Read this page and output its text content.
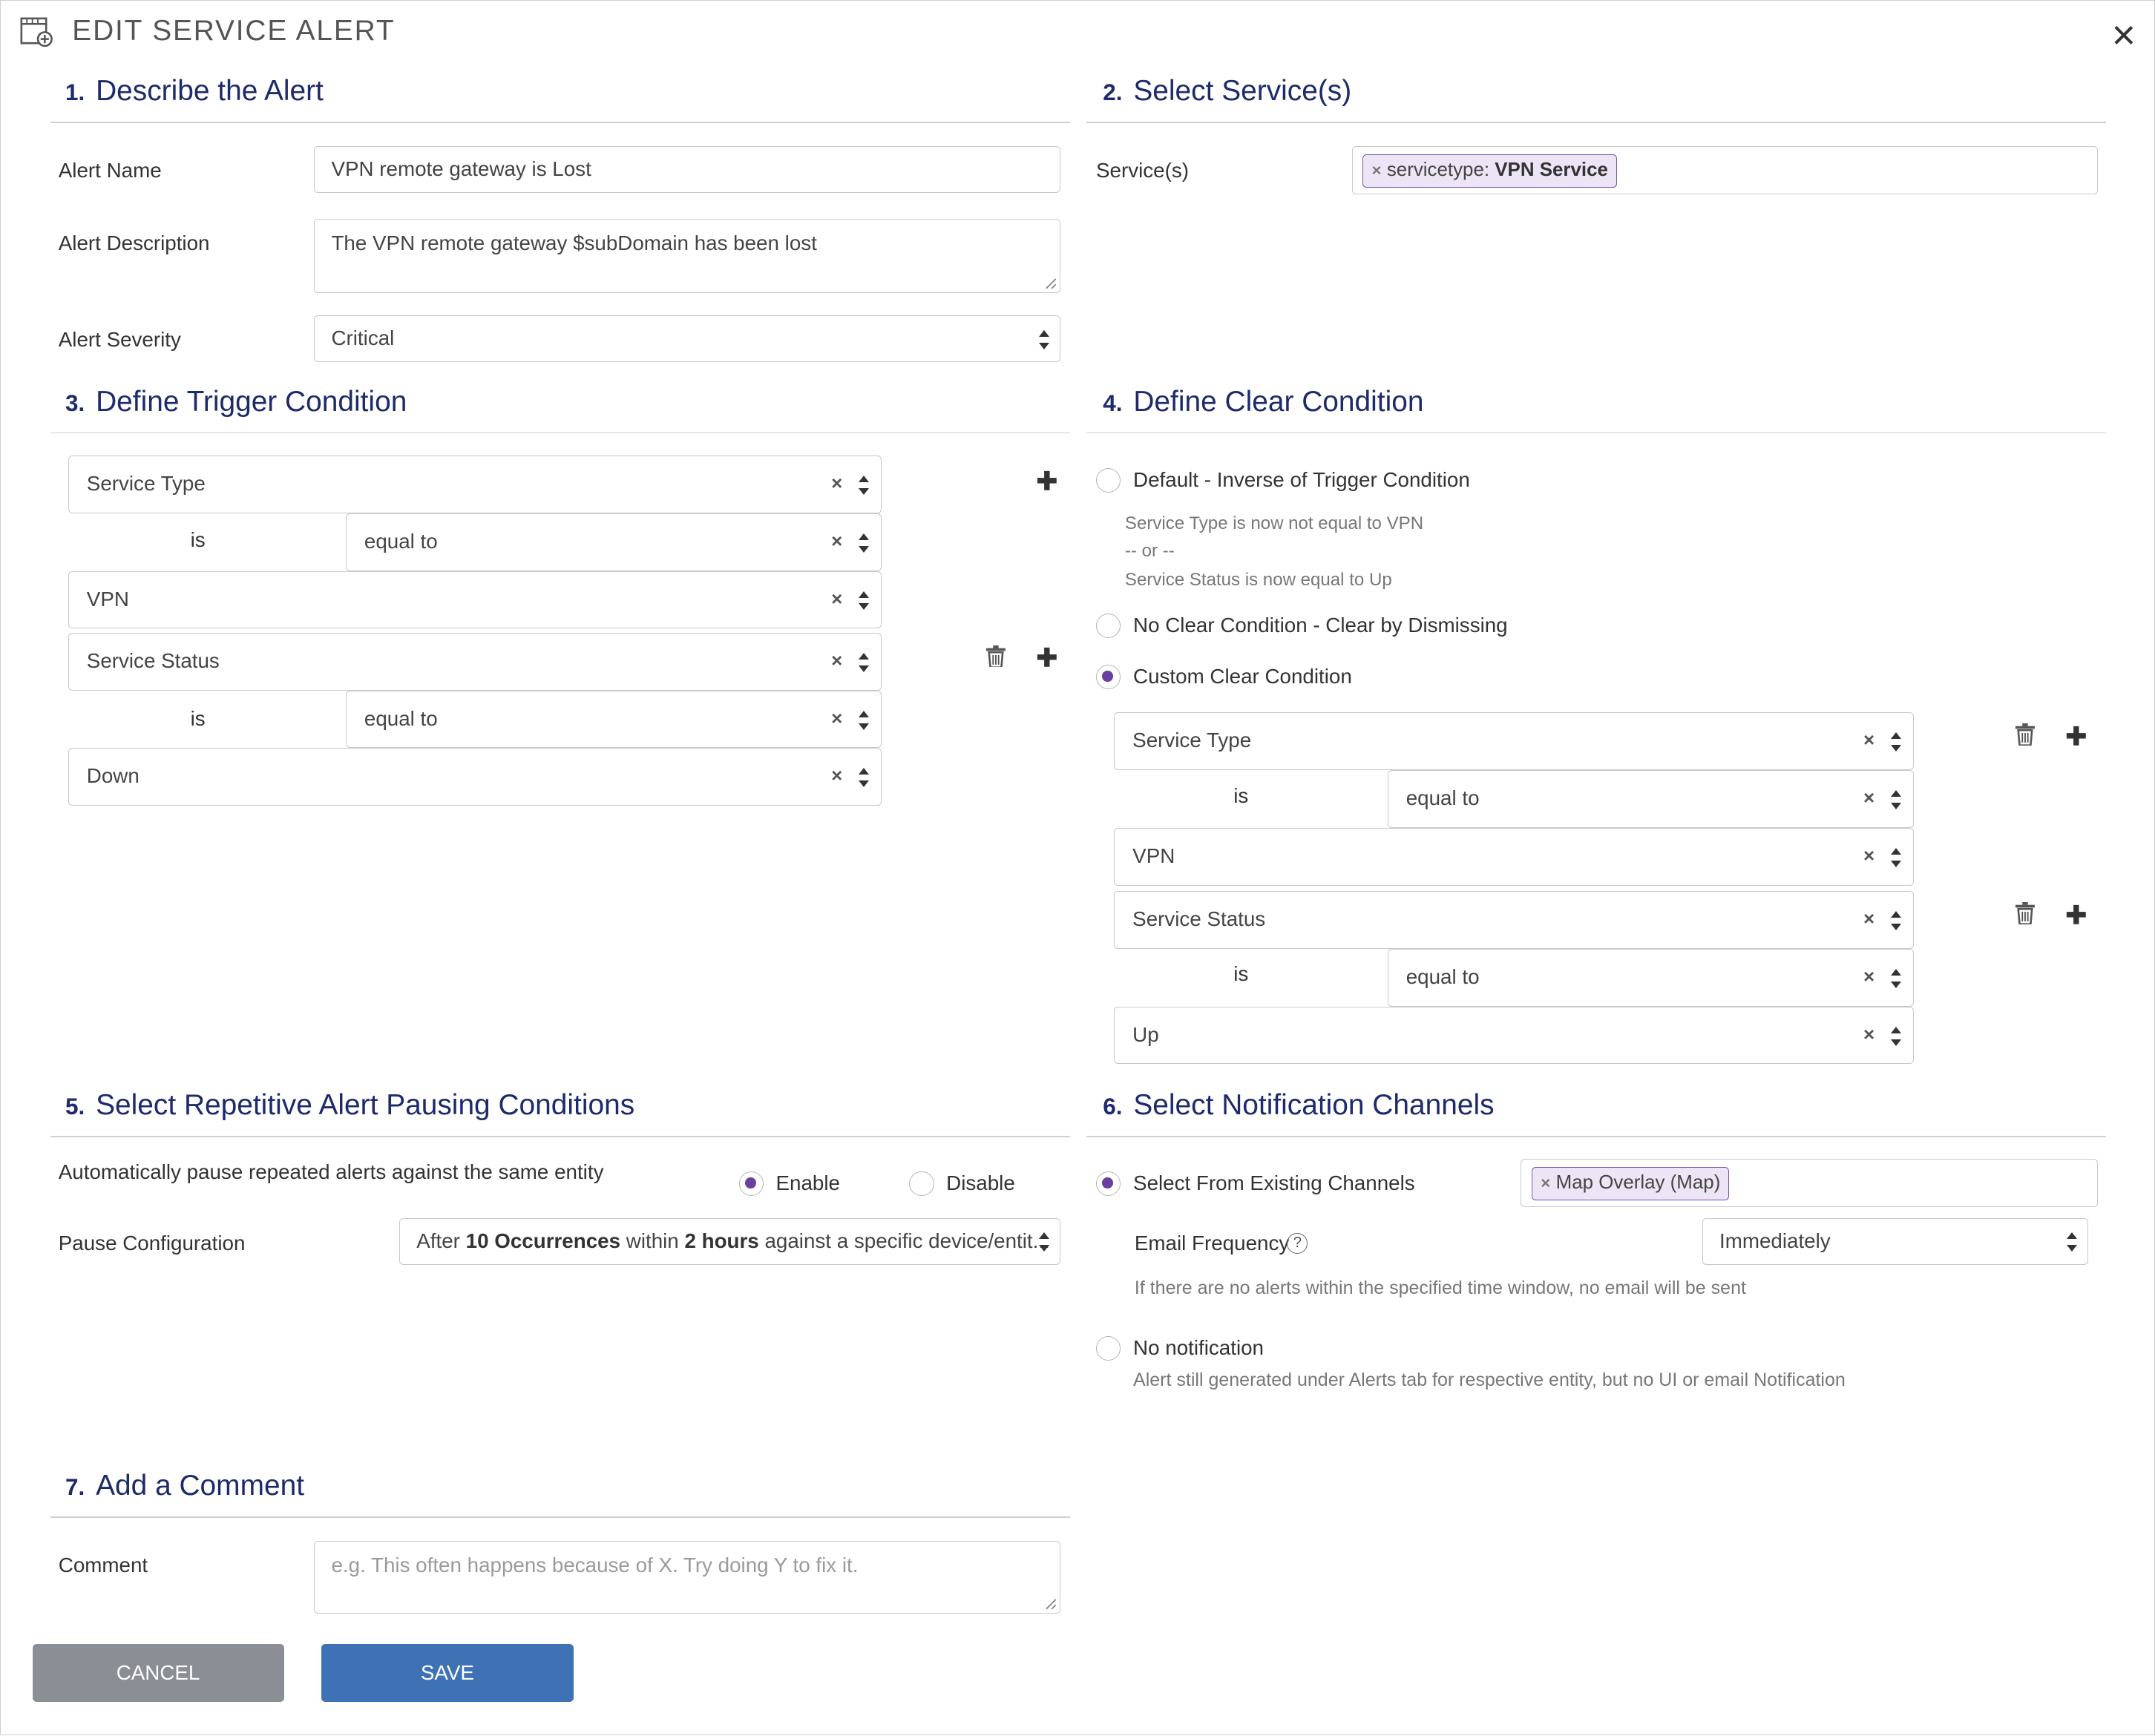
EDIT SERVICE ALERT	×
1. Describe the Alert
Alert Name	VPN remote gateway is Lost
Alert Description	The VPN remote gateway $subDomain has been lost
Alert Severity	Critical
2. Select Service(s)
Service(s)	× servicetype: VPN Service
3. Define Trigger Condition
Service Type	×
is	equal to	×
VPN	×
Service Status	×
is	equal to	×
Down	×
4. Define Clear Condition
Default - Inverse of Trigger Condition
Service Type is now not equal to VPN
-- or --
Service Status is now equal to Up
No Clear Condition - Clear by Dismissing
Custom Clear Condition
Service Type	×
is	equal to	×
VPN	×
Service Status	×
is	equal to	×
Up	×
5. Select Repetitive Alert Pausing Conditions
Automatically pause repeated alerts against the same entity	Enable	Disable
Pause Configuration	After 10 Occurrences within 2 hours against a specific device/entit...
6. Select Notification Channels
Select From Existing Channels	× Map Overlay (Map)
Email Frequency ?	Immediately
If there are no alerts within the specified time window, no email will be sent
No notification
Alert still generated under Alerts tab for respective entity, but no UI or email Notification
7. Add a Comment
Comment	e.g. This often happens because of X. Try doing Y to fix it.
CANCEL	SAVE
